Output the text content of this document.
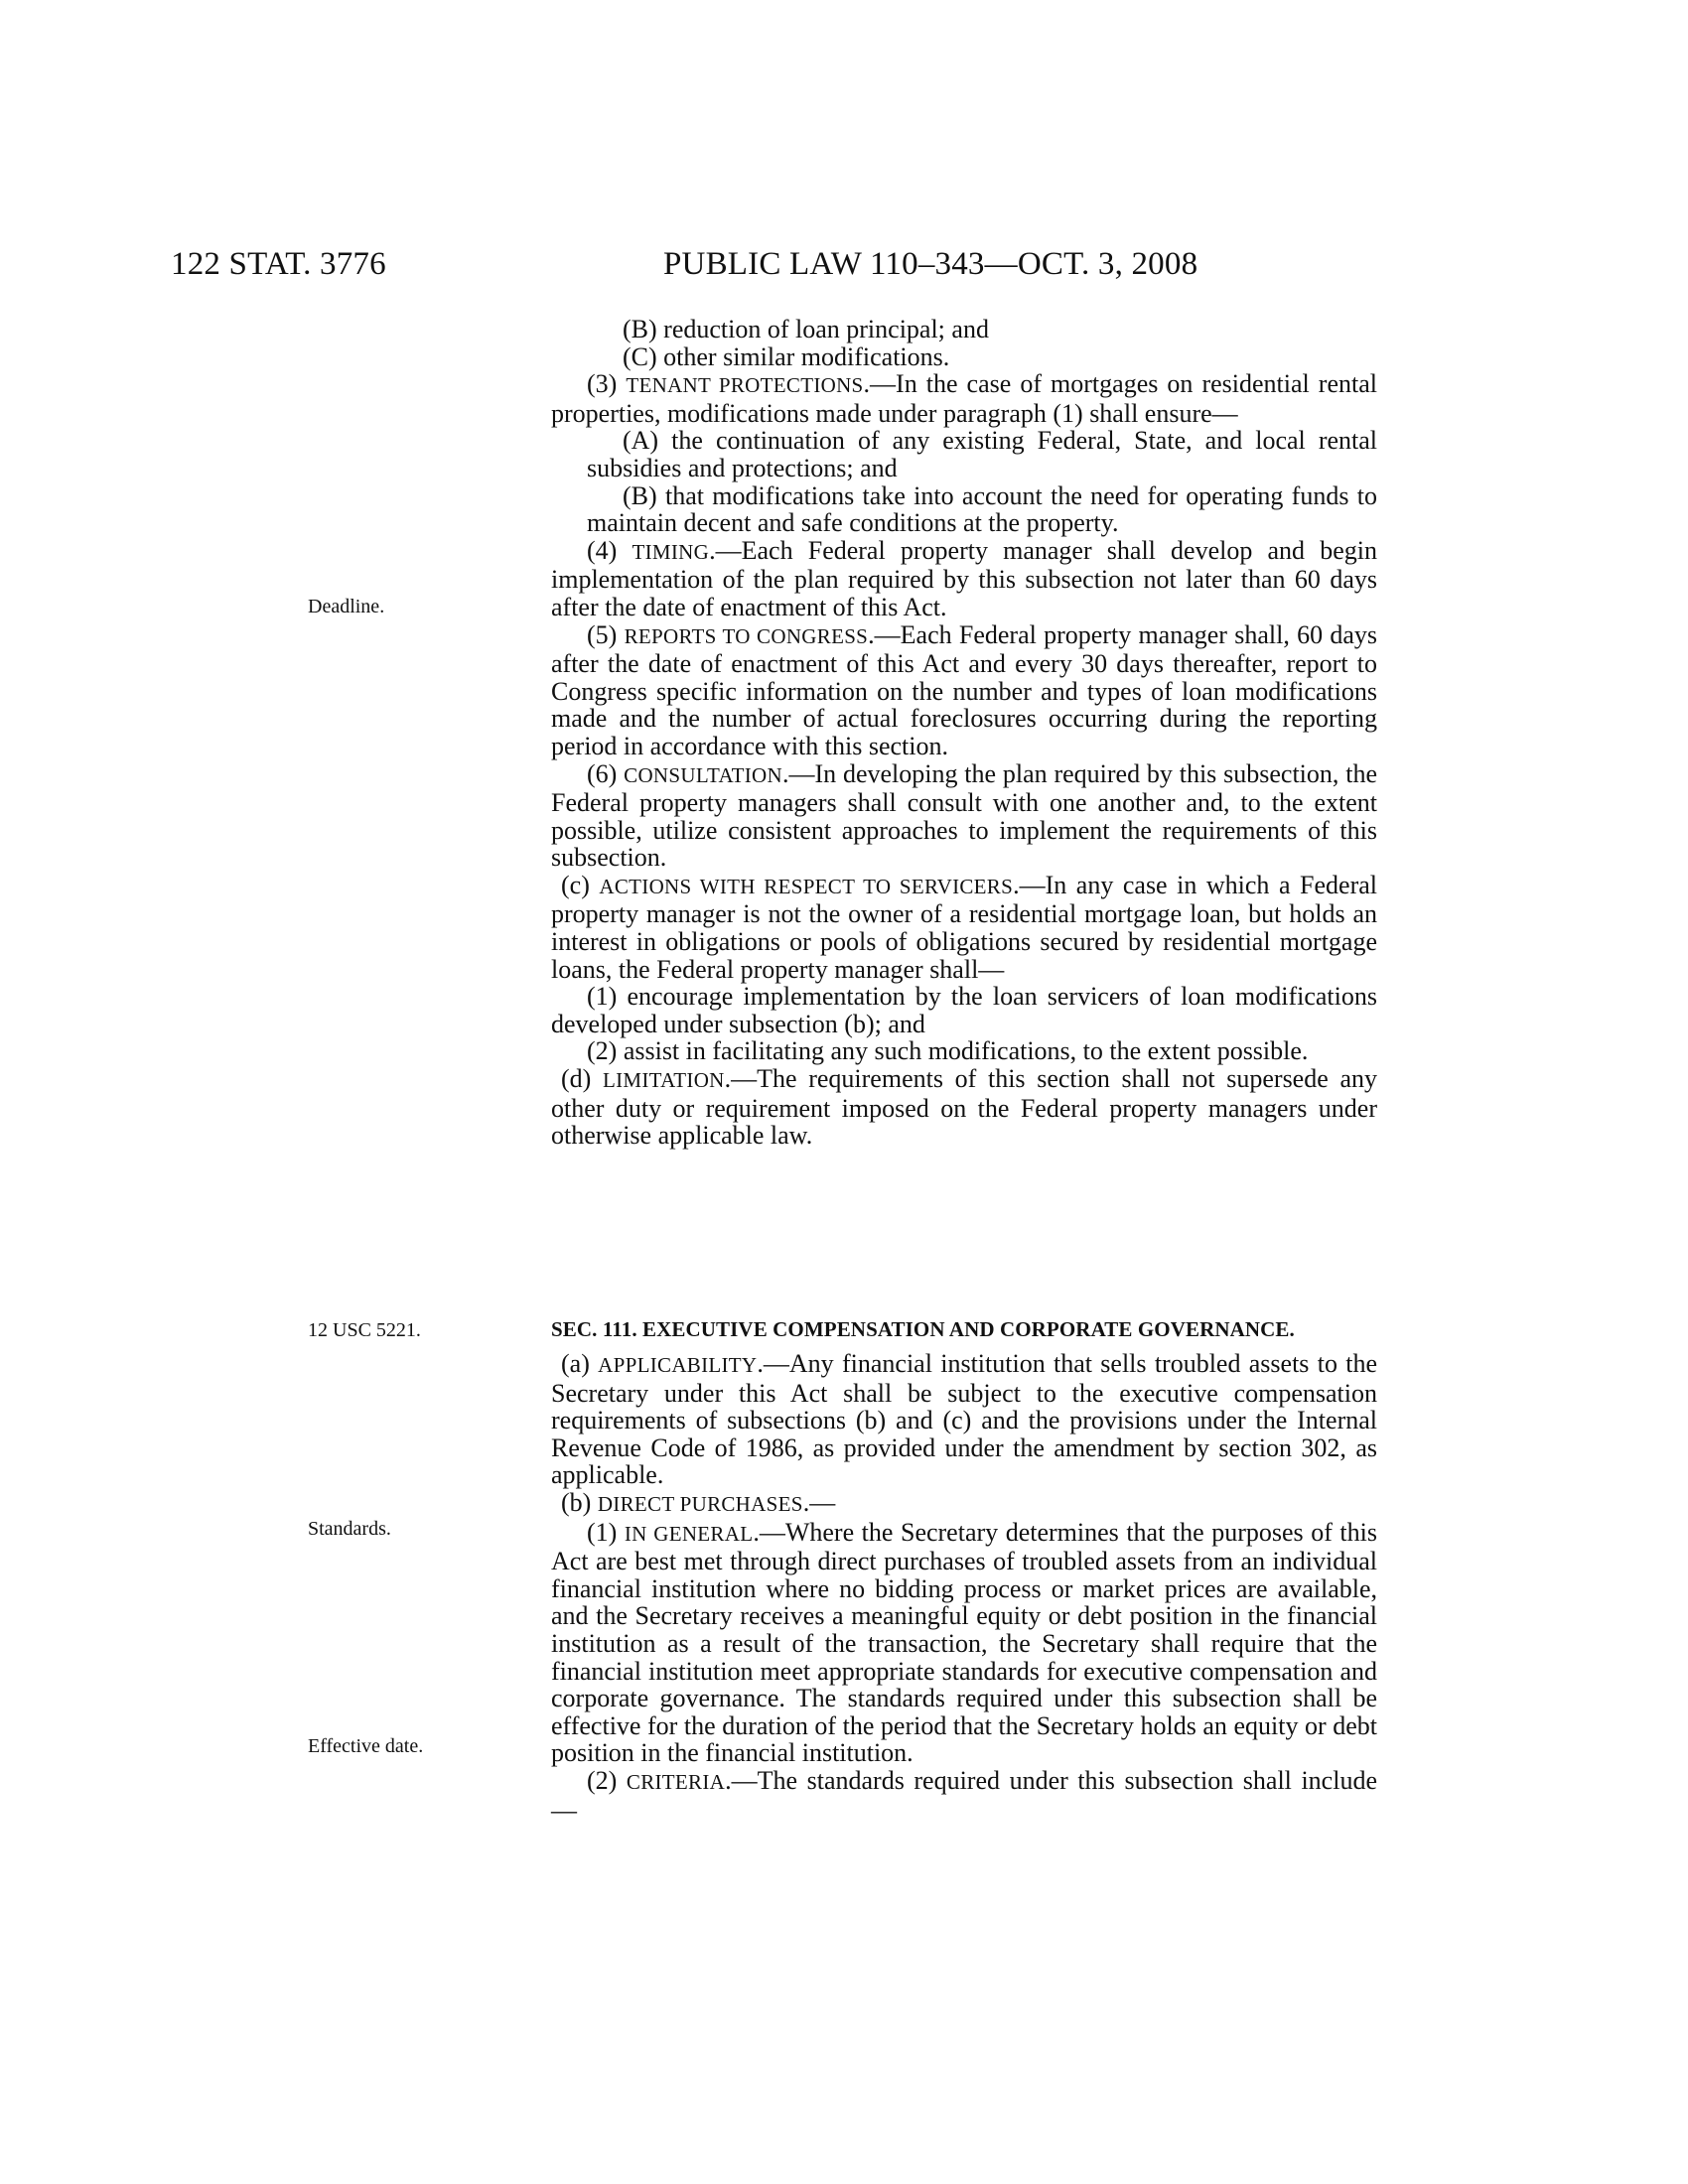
122 STAT. 3776	PUBLIC LAW 110–343—OCT. 3, 2008
Deadline.
12 USC 5221.
Standards.
Effective date.

(B) reduction of loan principal; and

(C) other similar modifications.

(3) TENANT PROTECTIONS.—In the case of mortgages on residential rental properties, modifications made under paragraph (1) shall ensure—

(A) the continuation of any existing Federal, State, and local rental subsidies and protections; and

(B) that modifications take into account the need for operating funds to maintain decent and safe conditions at the property.

(4) TIMING.—Each Federal property manager shall develop and begin implementation of the plan required by this subsection not later than 60 days after the date of enactment of this Act.

(5) REPORTS TO CONGRESS.—Each Federal property manager shall, 60 days after the date of enactment of this Act and every 30 days thereafter, report to Congress specific information on the number and types of loan modifications made and the number of actual foreclosures occurring during the reporting period in accordance with this section.

(6) CONSULTATION.—In developing the plan required by this subsection, the Federal property managers shall consult with one another and, to the extent possible, utilize consistent approaches to implement the requirements of this subsection.

(c) ACTIONS WITH RESPECT TO SERVICERS.—In any case in which a Federal property manager is not the owner of a residential mortgage loan, but holds an interest in obligations or pools of obligations secured by residential mortgage loans, the Federal property manager shall—

(1) encourage implementation by the loan servicers of loan modifications developed under subsection (b); and

(2) assist in facilitating any such modifications, to the extent possible.

(d) LIMITATION.—The requirements of this section shall not supersede any other duty or requirement imposed on the Federal property managers under otherwise applicable law.

SEC. 111. EXECUTIVE COMPENSATION AND CORPORATE GOVERNANCE.

(a) APPLICABILITY.—Any financial institution that sells troubled assets to the Secretary under this Act shall be subject to the executive compensation requirements of subsections (b) and (c) and the provisions under the Internal Revenue Code of 1986, as provided under the amendment by section 302, as applicable.

(b) DIRECT PURCHASES.—

(1) IN GENERAL.—Where the Secretary determines that the purposes of this Act are best met through direct purchases of troubled assets from an individual financial institution where no bidding process or market prices are available, and the Secretary receives a meaningful equity or debt position in the financial institution as a result of the transaction, the Secretary shall require that the financial institution meet appropriate standards for executive compensation and corporate governance. The standards required under this subsection shall be effective for the duration of the period that the Secretary holds an equity or debt position in the financial institution.

(2) CRITERIA.—The standards required under this subsection shall include—
